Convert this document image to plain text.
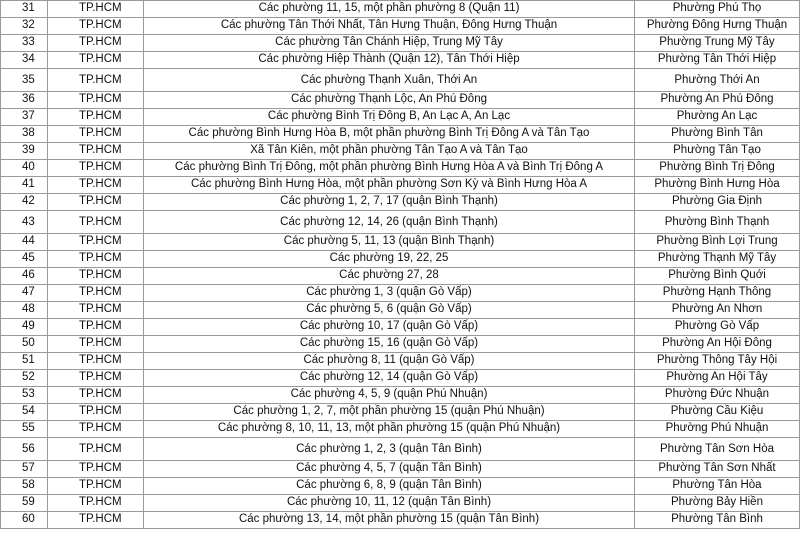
31	TP.HCM	Các phường 11, 15, một phần phường 8 (Quận 11)	Phường Phú Thọ
32	TP.HCM	Các phường Tân Thới Nhất, Tân Hưng Thuận, Đông Hưng Thuận	Phường Đông Hưng Thuận
33	TP.HCM	Các phường Tân Chánh Hiệp, Trung Mỹ Tây	Phường Trung Mỹ Tây
34	TP.HCM	Các phường Hiệp Thành (Quận 12), Tân Thới Hiệp	Phường Tân Thới Hiệp
35	TP.HCM	Các phường Thạnh Xuân, Thới An	Phường Thới An
36	TP.HCM	Các phường Thạnh Lộc, An Phú Đông	Phường An Phú Đông
37	TP.HCM	Các phường Bình Trị Đông B, An Lạc A, An Lạc	Phường An Lạc
38	TP.HCM	Các phường Bình Hưng Hòa B, một phần phường Bình Trị Đông A và Tân Tạo	Phường Bình Tân
39	TP.HCM	Xã Tân Kiên, một phần phường Tân Tạo A và Tân Tạo	Phường Tân Tạo
40	TP.HCM	Các phường Bình Trị Đông, một phần phường Bình Hưng Hòa A và Bình Trị Đông A	Phường Bình Trị Đông
41	TP.HCM	Các phường Bình Hưng Hòa, một phần phường Sơn Kỳ và Bình Hưng Hòa A	Phường Bình Hưng Hòa
42	TP.HCM	Các phường 1, 2, 7, 17 (quận Bình Thạnh)	Phường Gia Định
43	TP.HCM	Các phường 12, 14, 26 (quận Bình Thạnh)	Phường Bình Thạnh
44	TP.HCM	Các phường 5, 11, 13 (quận Bình Thạnh)	Phường Bình Lợi Trung
45	TP.HCM	Các phường 19, 22, 25	Phường Thạnh Mỹ Tây
46	TP.HCM	Các phường 27, 28	Phường Bình Quới
47	TP.HCM	Các phường 1, 3 (quận Gò Vấp)	Phường Hạnh Thông
48	TP.HCM	Các phường 5, 6 (quận Gò Vấp)	Phường An Nhơn
49	TP.HCM	Các phường 10, 17 (quận Gò Vấp)	Phường Gò Vấp
50	TP.HCM	Các phường 15, 16 (quận Gò Vấp)	Phường An Hội Đông
51	TP.HCM	Các phường 8, 11 (quận Gò Vấp)	Phường Thông Tây Hội
52	TP.HCM	Các phường 12, 14 (quận Gò Vấp)	Phường An Hội Tây
53	TP.HCM	Các phường 4, 5, 9 (quận Phú Nhuận)	Phường Đức Nhuận
54	TP.HCM	Các phường 1, 2, 7, một phần phường 15 (quận Phú Nhuận)	Phường Cầu Kiệu
55	TP.HCM	Các phường 8, 10, 11, 13, một phần phường 15 (quận Phú Nhuận)	Phường Phú Nhuận
56	TP.HCM	Các phường 1, 2, 3 (quận Tân Bình)	Phường Tân Sơn Hòa
57	TP.HCM	Các phường 4, 5, 7 (quận Tân Bình)	Phường Tân Sơn Nhất
58	TP.HCM	Các phường 6, 8, 9 (quận Tân Bình)	Phường Tân Hòa
59	TP.HCM	Các phường 10, 11, 12 (quận Tân Bình)	Phường Bảy Hiền
60	TP.HCM	Các phường 13, 14, một phần phường 15 (quận Tân Bình)	Phường Tân Bình
